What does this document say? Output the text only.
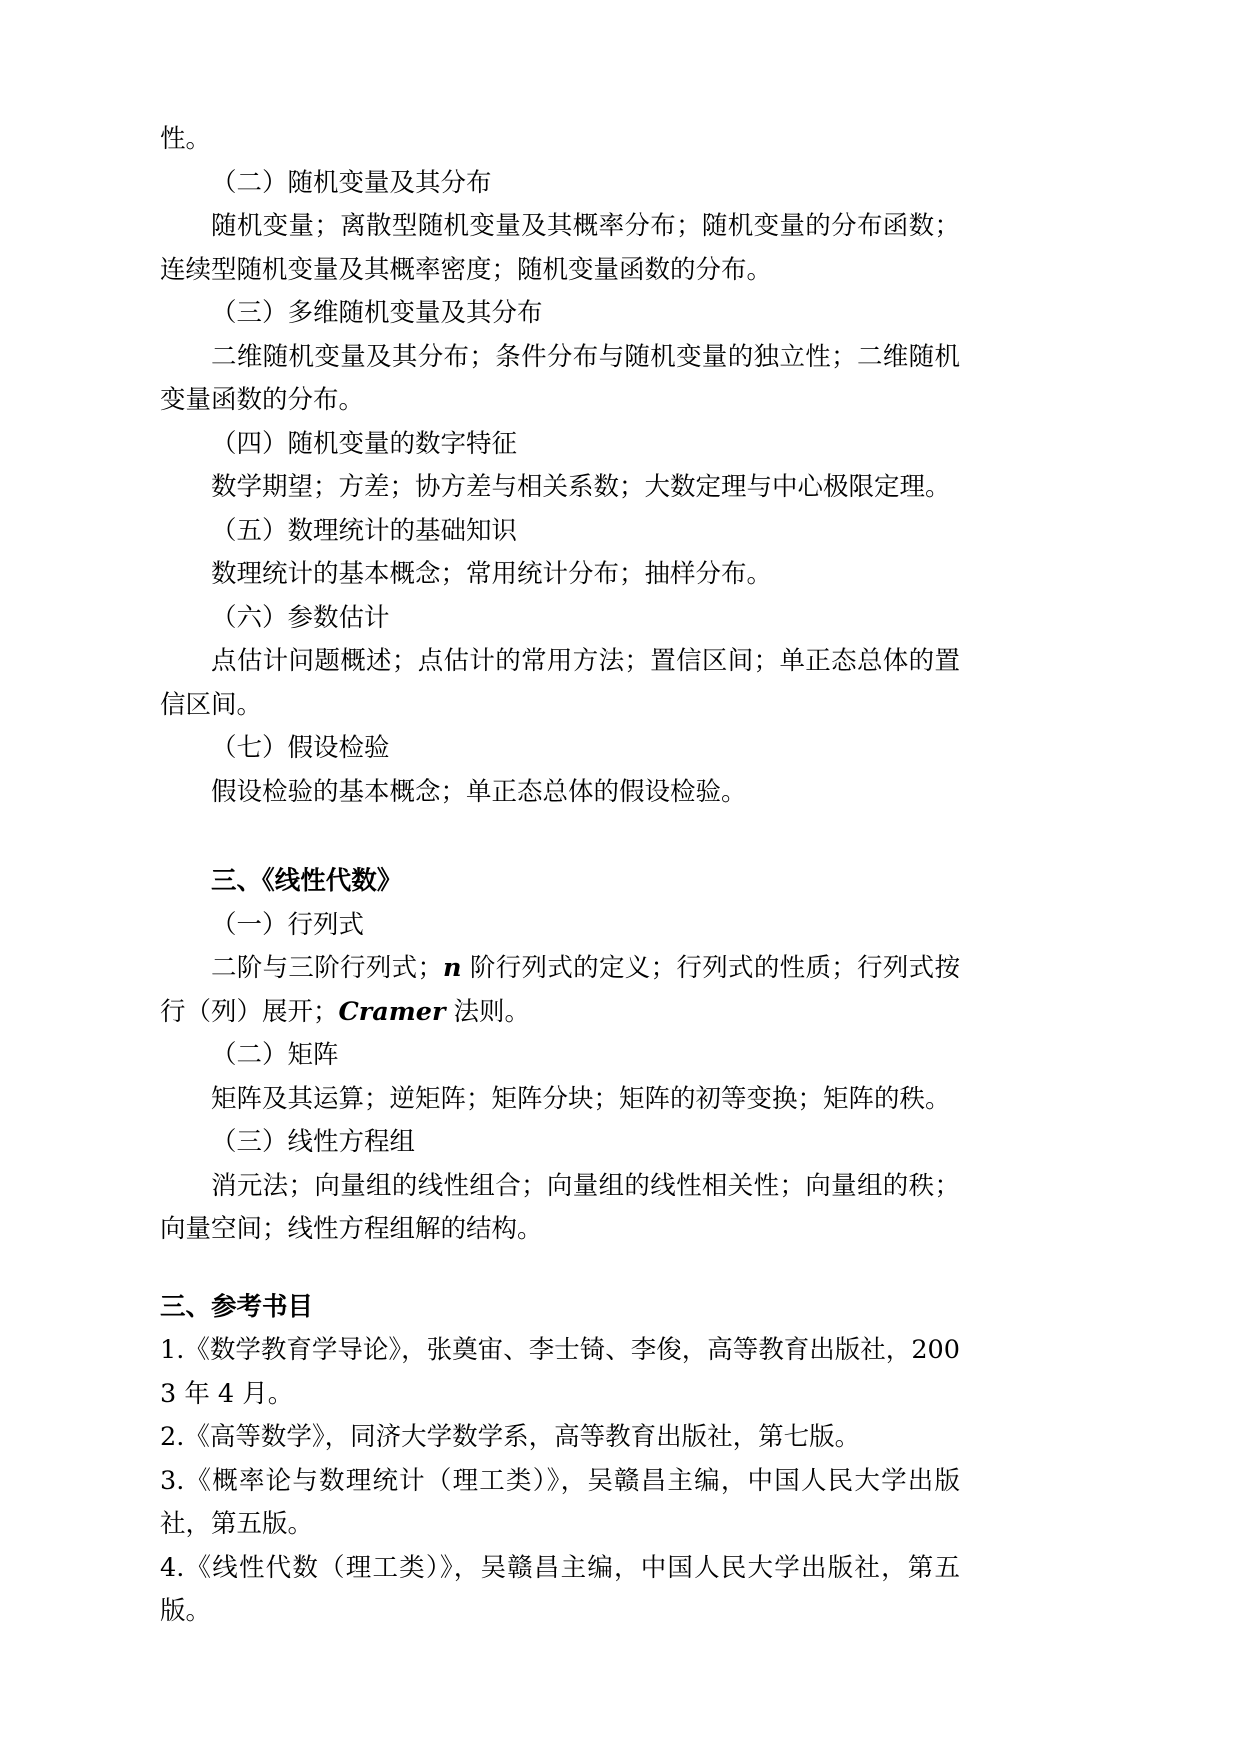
性。

（二）随机变量及其分布

随机变量；离散型随机变量及其概率分布；随机变量的分布函数；连续型随机变量及其概率密度；随机变量函数的分布。

（三）多维随机变量及其分布

二维随机变量及其分布；条件分布与随机变量的独立性；二维随机变量函数的分布。

（四）随机变量的数字特征

数学期望；方差；协方差与相关系数；大数定理与中心极限定理。

（五）数理统计的基础知识

数理统计的基本概念；常用统计分布；抽样分布。

（六）参数估计

点估计问题概述；点估计的常用方法；置信区间；单正态总体的置信区间。

（七）假设检验

假设检验的基本概念；单正态总体的假设检验。

三、《线性代数》

（一）行列式

二阶与三阶行列式；n 阶行列式的定义；行列式的性质；行列式按行（列）展开；Cramer 法则。

（二）矩阵

矩阵及其运算；逆矩阵；矩阵分块；矩阵的初等变换；矩阵的秩。

（三）线性方程组

消元法；向量组的线性组合；向量组的线性相关性；向量组的秩；向量空间；线性方程组解的结构。

三、参考书目

1.《数学教育学导论》，张奠宙、李士锜、李俊，高等教育出版社，2003 年 4 月。

2.《高等数学》，同济大学数学系，高等教育出版社，第七版。

3.《概率论与数理统计（理工类）》，吴赣昌主编，中国人民大学出版社，第五版。

4.《线性代数（理工类）》，吴赣昌主编，中国人民大学出版社，第五版。
